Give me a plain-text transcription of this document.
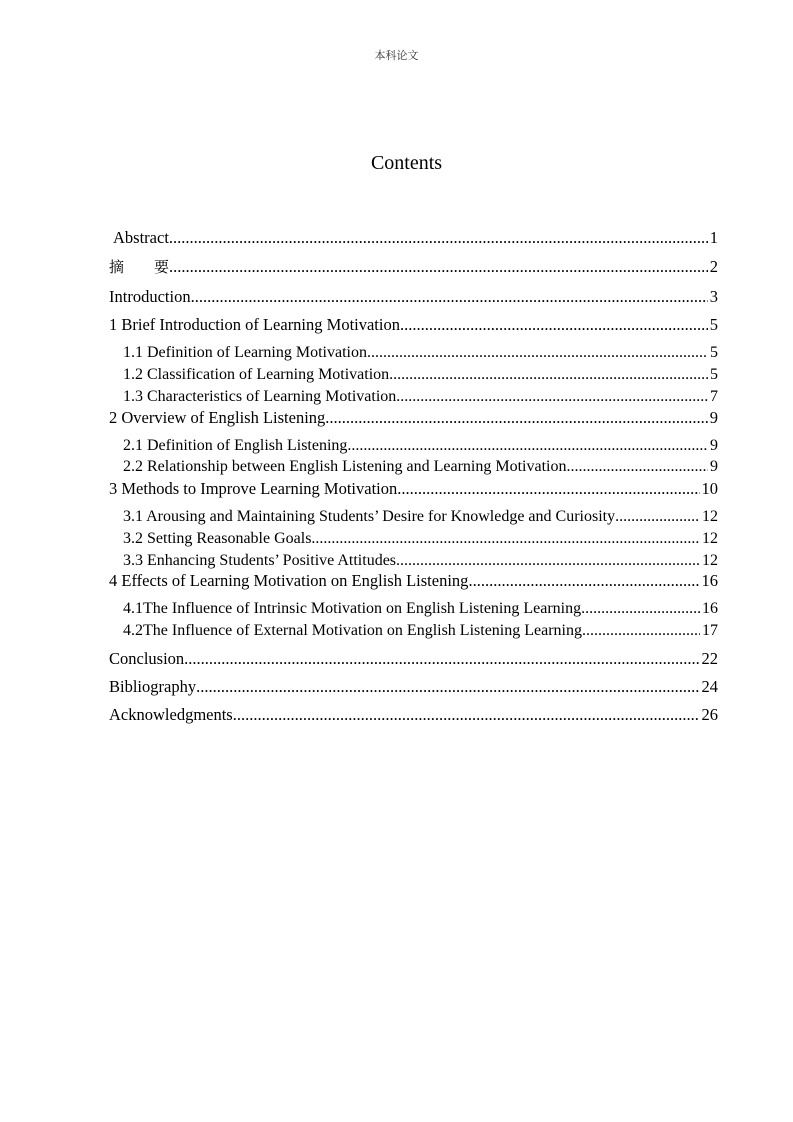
本科论文
Contents
Abstract .....	1
摘　　要 .....	2
Introduction .....	3
1 Brief Introduction of Learning Motivation .....	5
1.1 Definition of Learning Motivation .....	5
1.2 Classification of Learning Motivation .....	5
1.3 Characteristics of Learning Motivation .....	7
2 Overview of English Listening .....	9
2.1 Definition of English Listening .....	9
2.2 Relationship between English Listening and Learning Motivation .....	9
3 Methods to Improve Learning Motivation .....	10
3.1 Arousing and Maintaining Students’ Desire for Knowledge and Curiosity .....	12
3.2 Setting Reasonable Goals .....	12
3.3 Enhancing Students’ Positive Attitudes .....	12
4 Effects of Learning Motivation on English Listening .....	16
4.1The Influence of Intrinsic Motivation on English Listening Learning .....	16
4.2The Influence of External Motivation on English Listening Learning .....	17
Conclusion .....	22
Bibliography .....	24
Acknowledgments .....	26
